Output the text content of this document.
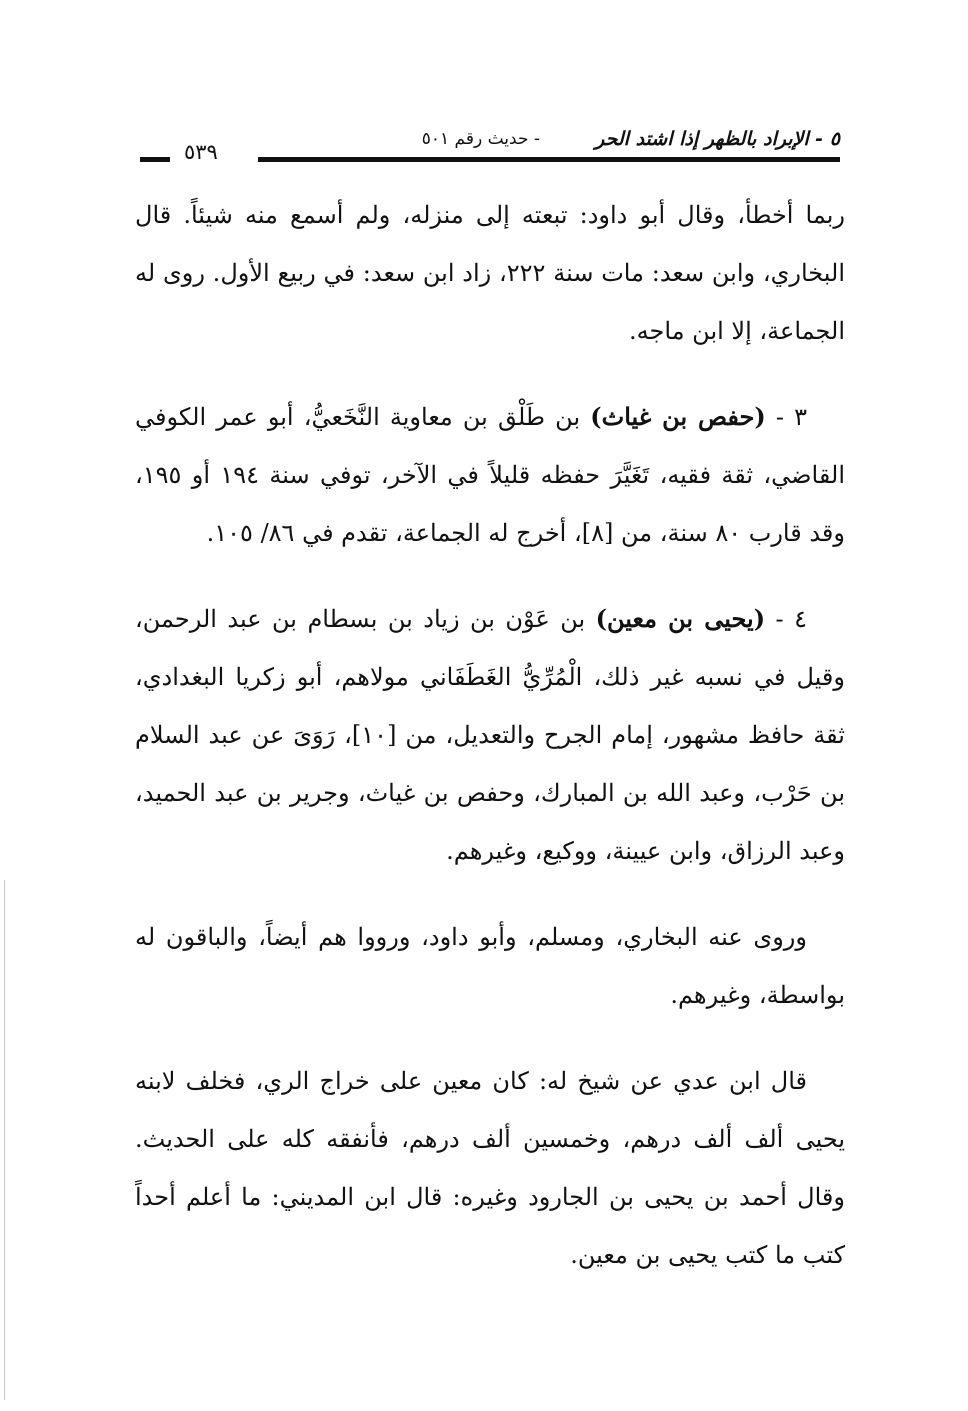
٥ - الإبراد بالظهر إذا اشتد الحر
- حديث رقم ٥٠١
٥٣٩

ربما أخطأ، وقال أبو داود: تبعته إلى منزله، ولم أسمع منه شيئاً. قال البخاري، وابن سعد: مات سنة ٢٢٢، زاد ابن سعد: في ربيع الأول. روى له الجماعة، إلا ابن ماجه.

٣ - (حفص بن غياث) بن طَلْق بن معاوية النَّخَعيُّ، أبو عمر الكوفي القاضي، ثقة فقيه، تَغَيَّرَ حفظه قليلاً في الآخر، توفي سنة ١٩٤ أو ١٩٥، وقد قارب ٨٠ سنة، من [٨]، أخرج له الجماعة، تقدم في ٨٦/ ١٠٥.

٤ - (يحيى بن معين) بن عَوْن بن زياد بن بسطام بن عبد الرحمن، وقيل في نسبه غير ذلك، الْمُرِّيُّ الغَطَفَاني مولاهم، أبو زكريا البغدادي، ثقة حافظ مشهور، إمام الجرح والتعديل، من [١٠]، رَوَىَ عن عبد السلام بن حَرْب، وعبد الله بن المبارك، وحفص بن غياث، وجرير بن عبد الحميد، وعبد الرزاق، وابن عيينة، ووكيع، وغيرهم.

وروى عنه البخاري، ومسلم، وأبو داود، ورووا هم أيضاً، والباقون له بواسطة، وغيرهم.

قال ابن عدي عن شيخ له: كان معين على خراج الري، فخلف لابنه يحيى ألف ألف درهم، وخمسين ألف درهم، فأنفقه كله على الحديث. وقال أحمد بن يحيى بن الجارود وغيره: قال ابن المديني: ما أعلم أحداً كتب ما كتب يحيى بن معين.
